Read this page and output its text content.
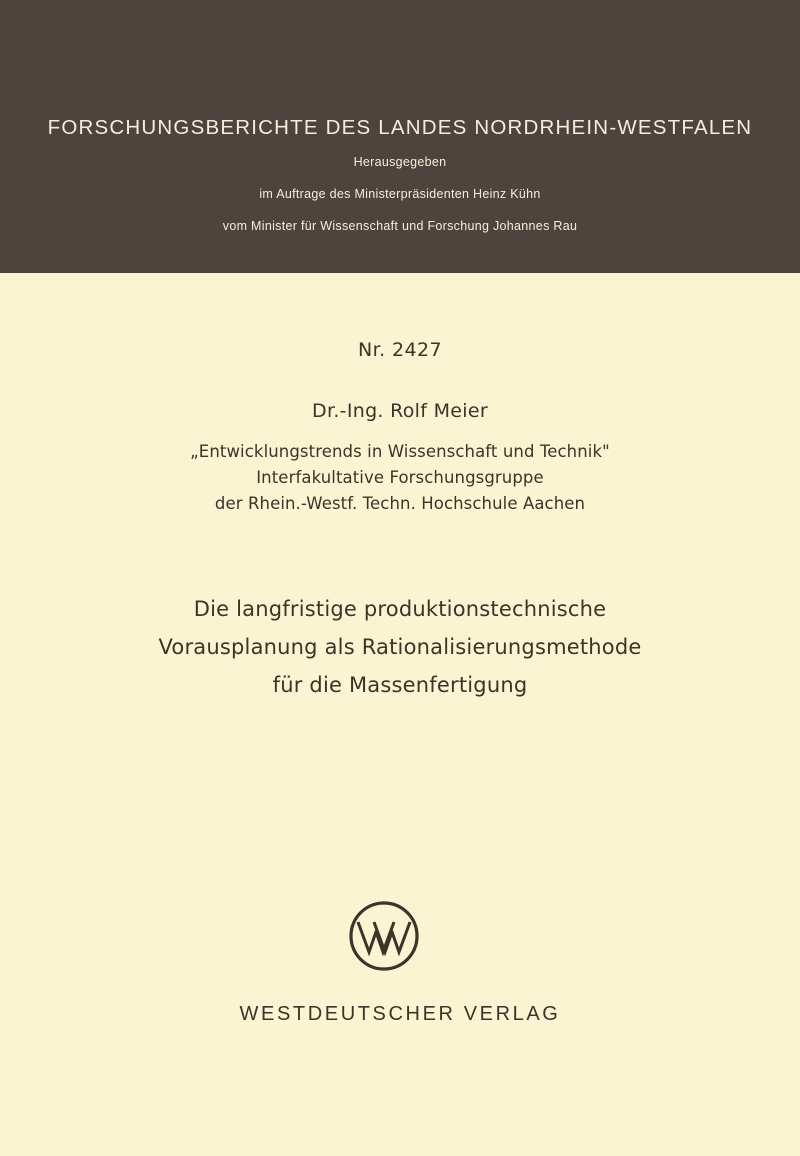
FORSCHUNGSBERICHTE DES LANDES NORDRHEIN-WESTFALEN
Herausgegeben
im Auftrage des Ministerpräsidenten Heinz Kühn
vom Minister für Wissenschaft und Forschung Johannes Rau
Nr. 2427
Dr.-Ing. Rolf Meier
„Entwicklungstrends in Wissenschaft und Technik"
Interfakultative Forschungsgruppe
der Rhein.-Westf. Techn. Hochschule Aachen
Die langfristige produktionstechnische
Vorausplanung als Rationalisierungsmethode
für die Massenfertigung
WESTDEUTSCHER VERLAG
